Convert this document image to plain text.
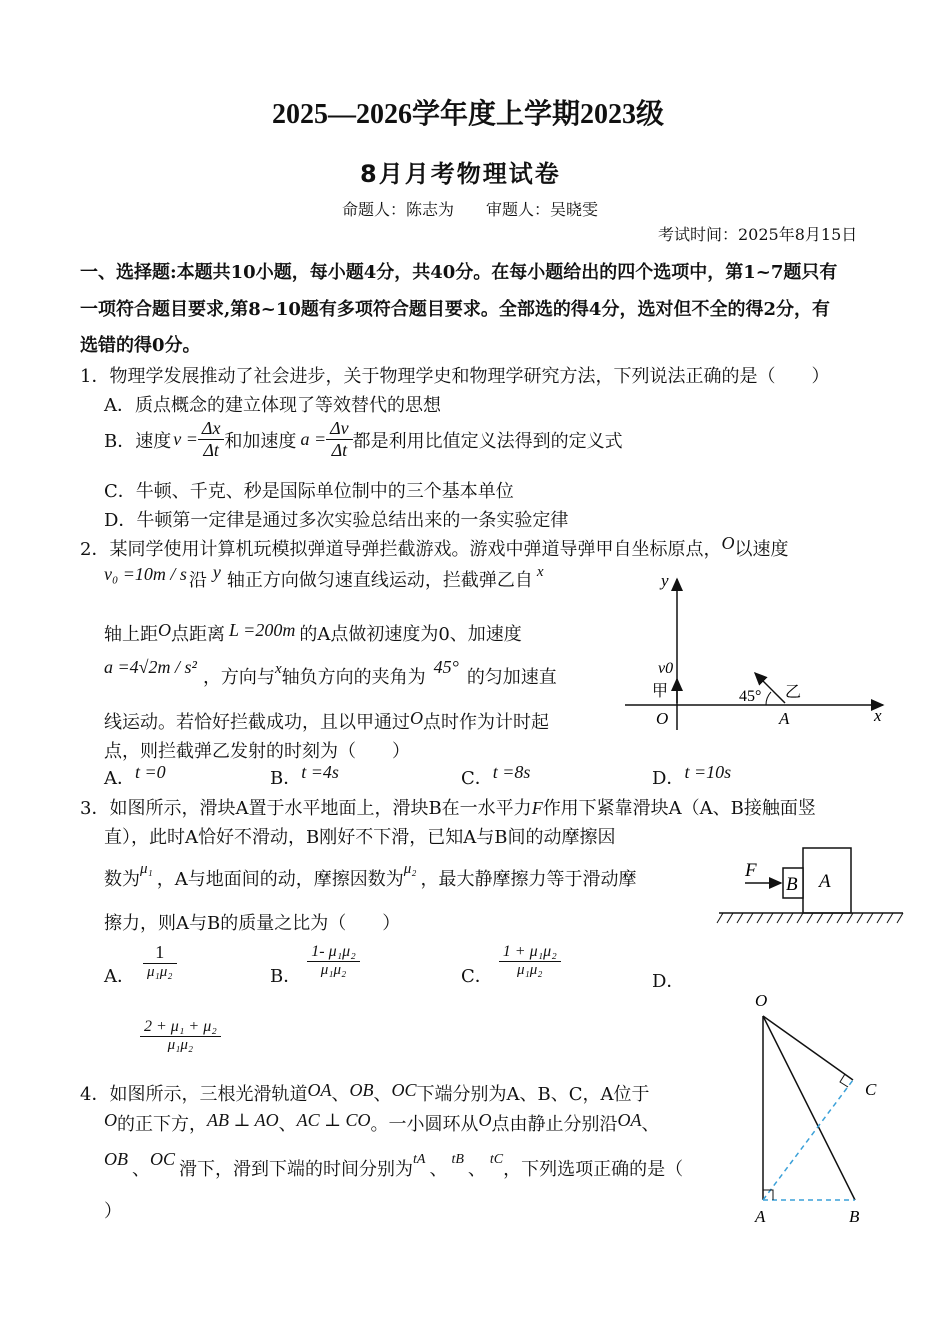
2025—2026学年度上学期2023级
8月月考物理试卷
命题人：陈志为　　审题人：吴晓雯
考试时间：2025年8月15日
一、选择题:本题共10小题，每小题4分，共40分。在每小题给出的四个选项中，第1~7题只有
一项符合题目要求,第8~10题有多项符合题目要求。全部选的得4分，选对但不全的得2分，有
选错的得0分。
1．物理学发展推动了社会进步，关于物理学史和物理学研究方法，下列说法正确的是（　　）
A．质点概念的建立体现了等效替代的思想
B．速度 $v = \frac{\Delta x}{\Delta t}$ 和加速度 $a = \frac{\Delta v}{\Delta t}$ 都是利用比值定义法得到的定义式
C．牛顿、千克、秒是国际单位制中的三个基本单位
D．牛顿第一定律是通过多次实验总结出来的一条实验定律
2．某同学使用计算机玩模拟弹道导弹拦截游戏。游戏中弹道导弹甲自坐标原点，O以速度
v₀ =10m / s 沿 y 轴正方向做匀速直线运动，拦截弹乙自 $^x$
轴上距O点距离 L =200m 的A点做初速度为0、加速度
a =4√2m / s² ，方向与$^x$轴负方向的夹角为 45° 的匀加速直
线运动。若恰好拦截成功，且以甲通过O点时作为计时起
点，则拦截弹乙发射的时刻为（　　）
A．t =0	B．t =4s	C．t =8s	D．t =10s
y
x
v0
甲
O	A
45° 乙
3．如图所示，滑块A置于水平地面上，滑块B在一水平力F作用下紧靠滑块A（A、B接触面竖
直），此时A恰好不滑动，B刚好不下滑，已知A与B间的动摩擦因
数为$^{\mu_1}$ ，A与地面间的动，摩擦因数为$^{\mu_2}$ ，最大静摩擦力等于滑动摩
擦力，则A与B的质量之比为（　　）
A． $\frac{1}{\text{μ₁μ₂}}$	B． $\frac{\text{1- μ₁μ₂}}{\text{μ₁μ₂}}$	C． $\frac{\text{1 + μ₁μ₂}}{\text{μ₁μ₂}}$
D．
$\frac{\text{2 + μ₁ + μ₂}}{\text{μ₁μ₂}}$
F
B A
4．如图所示，三根光滑轨道OA、OB、OC下端分别为A、B、C，A位于
O的正下方，AB ⊥ AO、AC ⊥ CO。一小圆环从O点由静止分别沿OA、
OB 、OC 滑下，滑到下端的时间分别为$^{tA}$ 、 $^{tB}$ 、 $^{tC}$，下列选项正确的是（
）
O
C
A	B
